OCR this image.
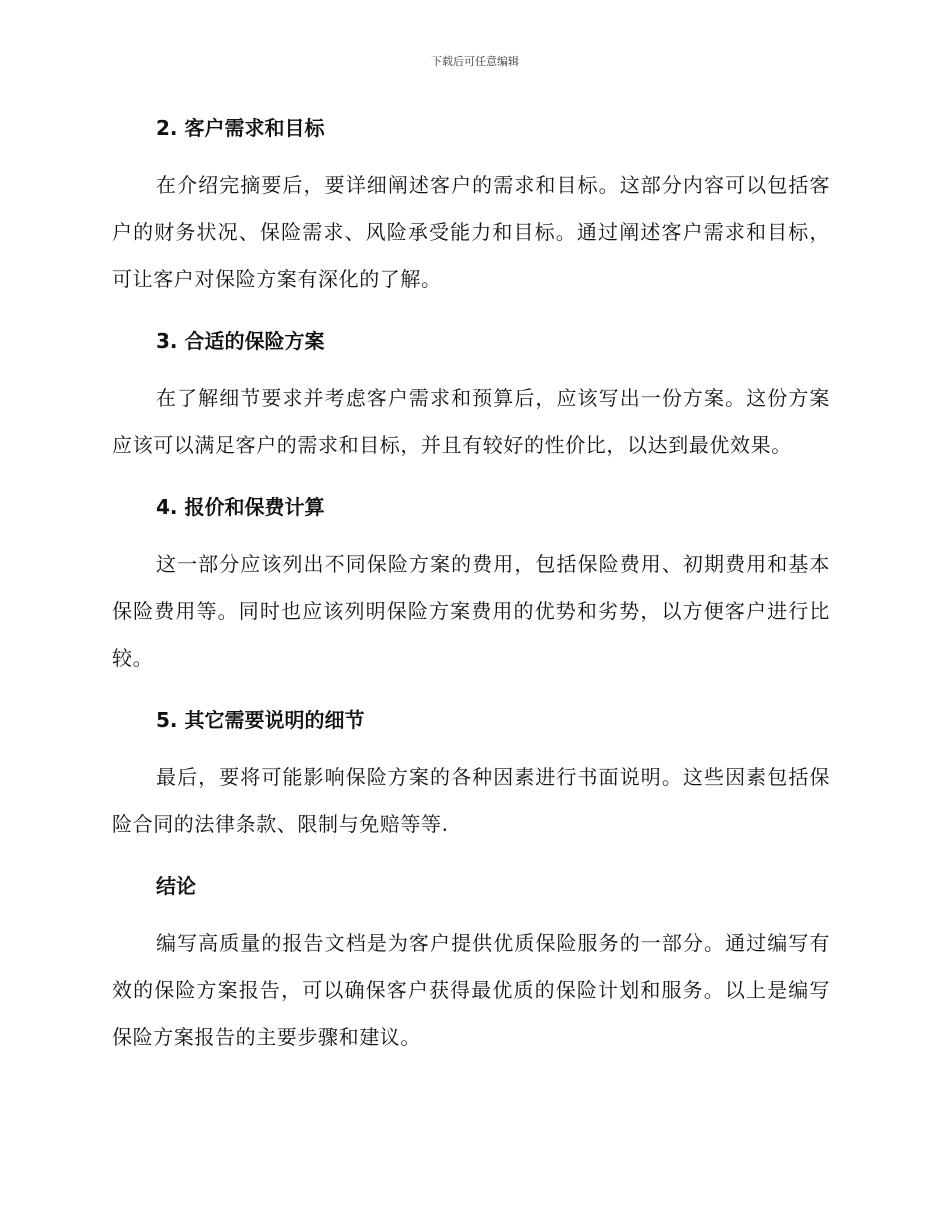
下载后可任意编辑
2. 客户需求和目标

在介绍完摘要后，要详细阐述客户的需求和目标。这部分内容可以包括客户的财务状况、保险需求、风险承受能力和目标。通过阐述客户需求和目标，可让客户对保险方案有深化的了解。

3. 合适的保险方案

在了解细节要求并考虑客户需求和预算后，应该写出一份方案。这份方案应该可以满足客户的需求和目标，并且有较好的性价比，以达到最优效果。

4. 报价和保费计算

这一部分应该列出不同保险方案的费用，包括保险费用、初期费用和基本保险费用等。同时也应该列明保险方案费用的优势和劣势，以方便客户进行比较。

5. 其它需要说明的细节

最后，要将可能影响保险方案的各种因素进行书面说明。这些因素包括保险合同的法律条款、限制与免赔等等.

结论

编写高质量的报告文档是为客户提供优质保险服务的一部分。通过编写有效的保险方案报告，可以确保客户获得最优质的保险计划和服务。以上是编写保险方案报告的主要步骤和建议。
